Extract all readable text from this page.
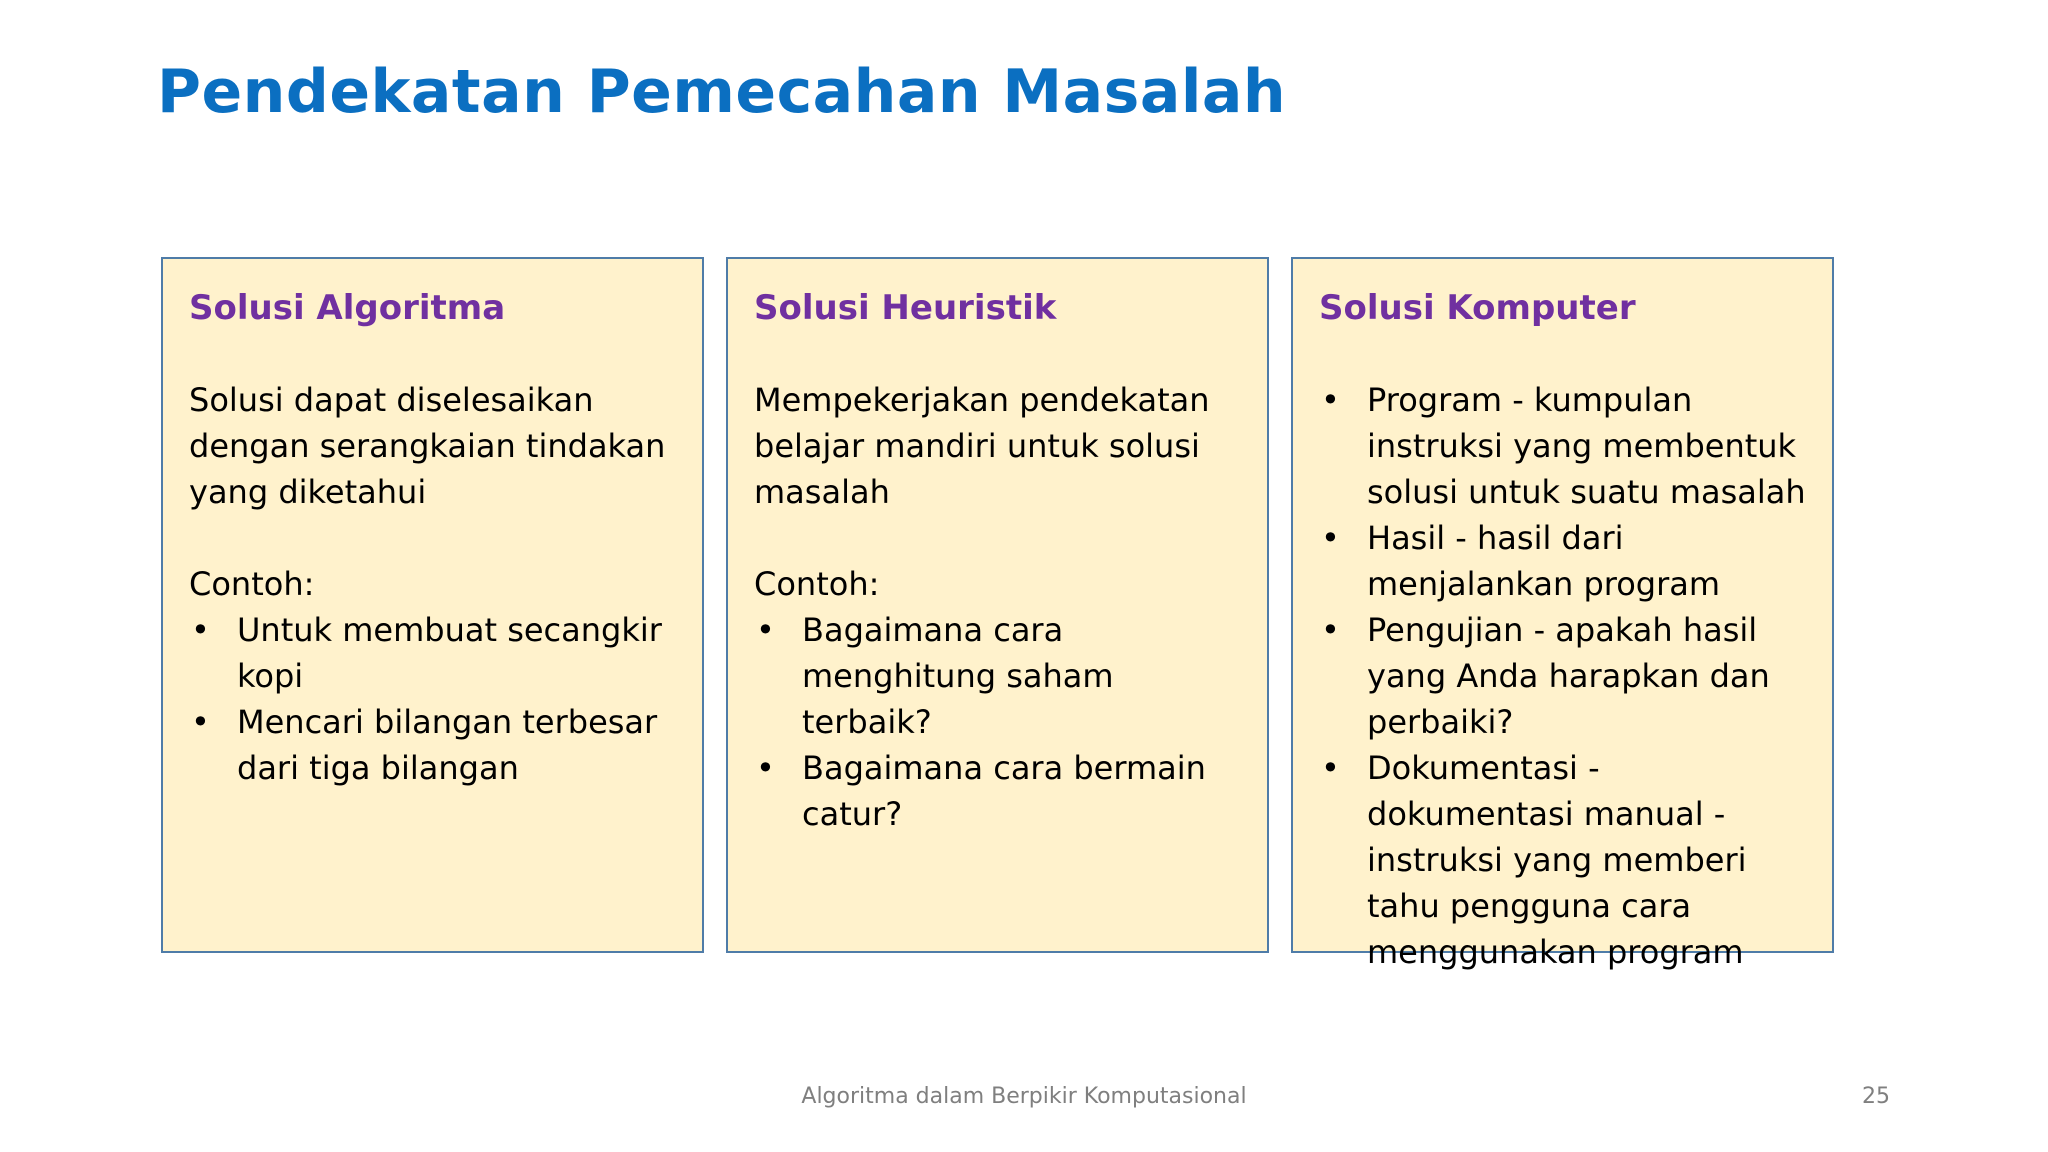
Pendekatan Pemecahan Masalah
Solusi Algoritma

Solusi dapat diselesaikan dengan serangkaian tindakan yang diketahui

Contoh:

• Untuk membuat secangkir kopi
• Mencari bilangan terbesar dari tiga bilangan
Solusi Heuristik

Mempekerjakan pendekatan belajar mandiri untuk solusi masalah

Contoh:

• Bagaimana cara menghitung saham terbaik?
• Bagaimana cara bermain catur?
Solusi Komputer
• Program - kumpulan instruksi yang membentuk solusi untuk suatu masalah
• Hasil - hasil dari menjalankan program
• Pengujian - apakah hasil yang Anda harapkan dan perbaiki?
• Dokumentasi - dokumentasi manual - instruksi yang memberi tahu pengguna cara menggunakan program
Algoritma dalam Berpikir Komputasional	25
